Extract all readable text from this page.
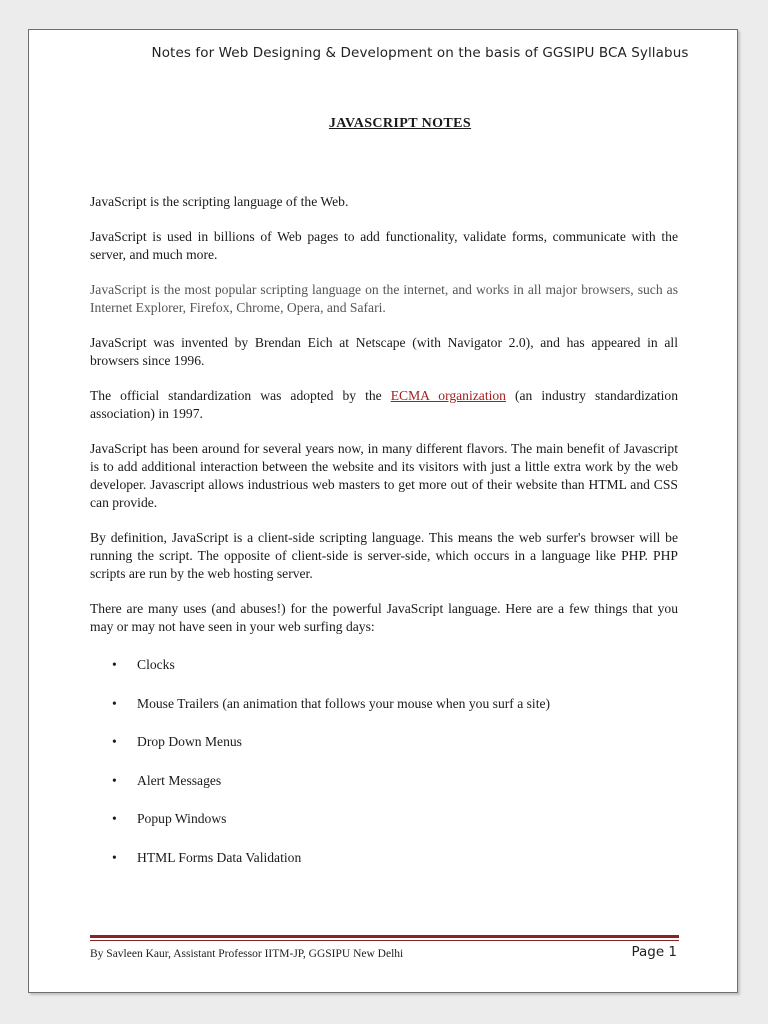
Notes for Web Designing & Development on the basis of GGSIPU BCA Syllabus
JAVASCRIPT NOTES

JavaScript is the scripting language of the Web.

JavaScript is used in billions of Web pages to add functionality, validate forms, communicate with the server, and much more.

JavaScript is the most popular scripting language on the internet, and works in all major browsers, such as Internet Explorer, Firefox, Chrome, Opera, and Safari.

JavaScript was invented by Brendan Eich at Netscape (with Navigator 2.0), and has appeared in all browsers since 1996.

The official standardization was adopted by the ECMA organization (an industry standardization association) in 1997.

JavaScript has been around for several years now, in many different flavors. The main benefit of Javascript is to add additional interaction between the website and its visitors with just a little extra work by the web developer. Javascript allows industrious web masters to get more out of their website than HTML and CSS can provide.

By definition, JavaScript is a client-side scripting language. This means the web surfer's browser will be running the script. The opposite of client-side is server-side, which occurs in a language like PHP. PHP scripts are run by the web hosting server.

There are many uses (and abuses!) for the powerful JavaScript language. Here are a few things that you may or may not have seen in your web surfing days:

• Clocks
• Mouse Trailers (an animation that follows your mouse when you surf a site)
• Drop Down Menus
• Alert Messages
• Popup Windows
• HTML Forms Data Validation
By Savleen Kaur, Assistant Professor IITM-JP, GGSIPU New Delhi	Page 1
